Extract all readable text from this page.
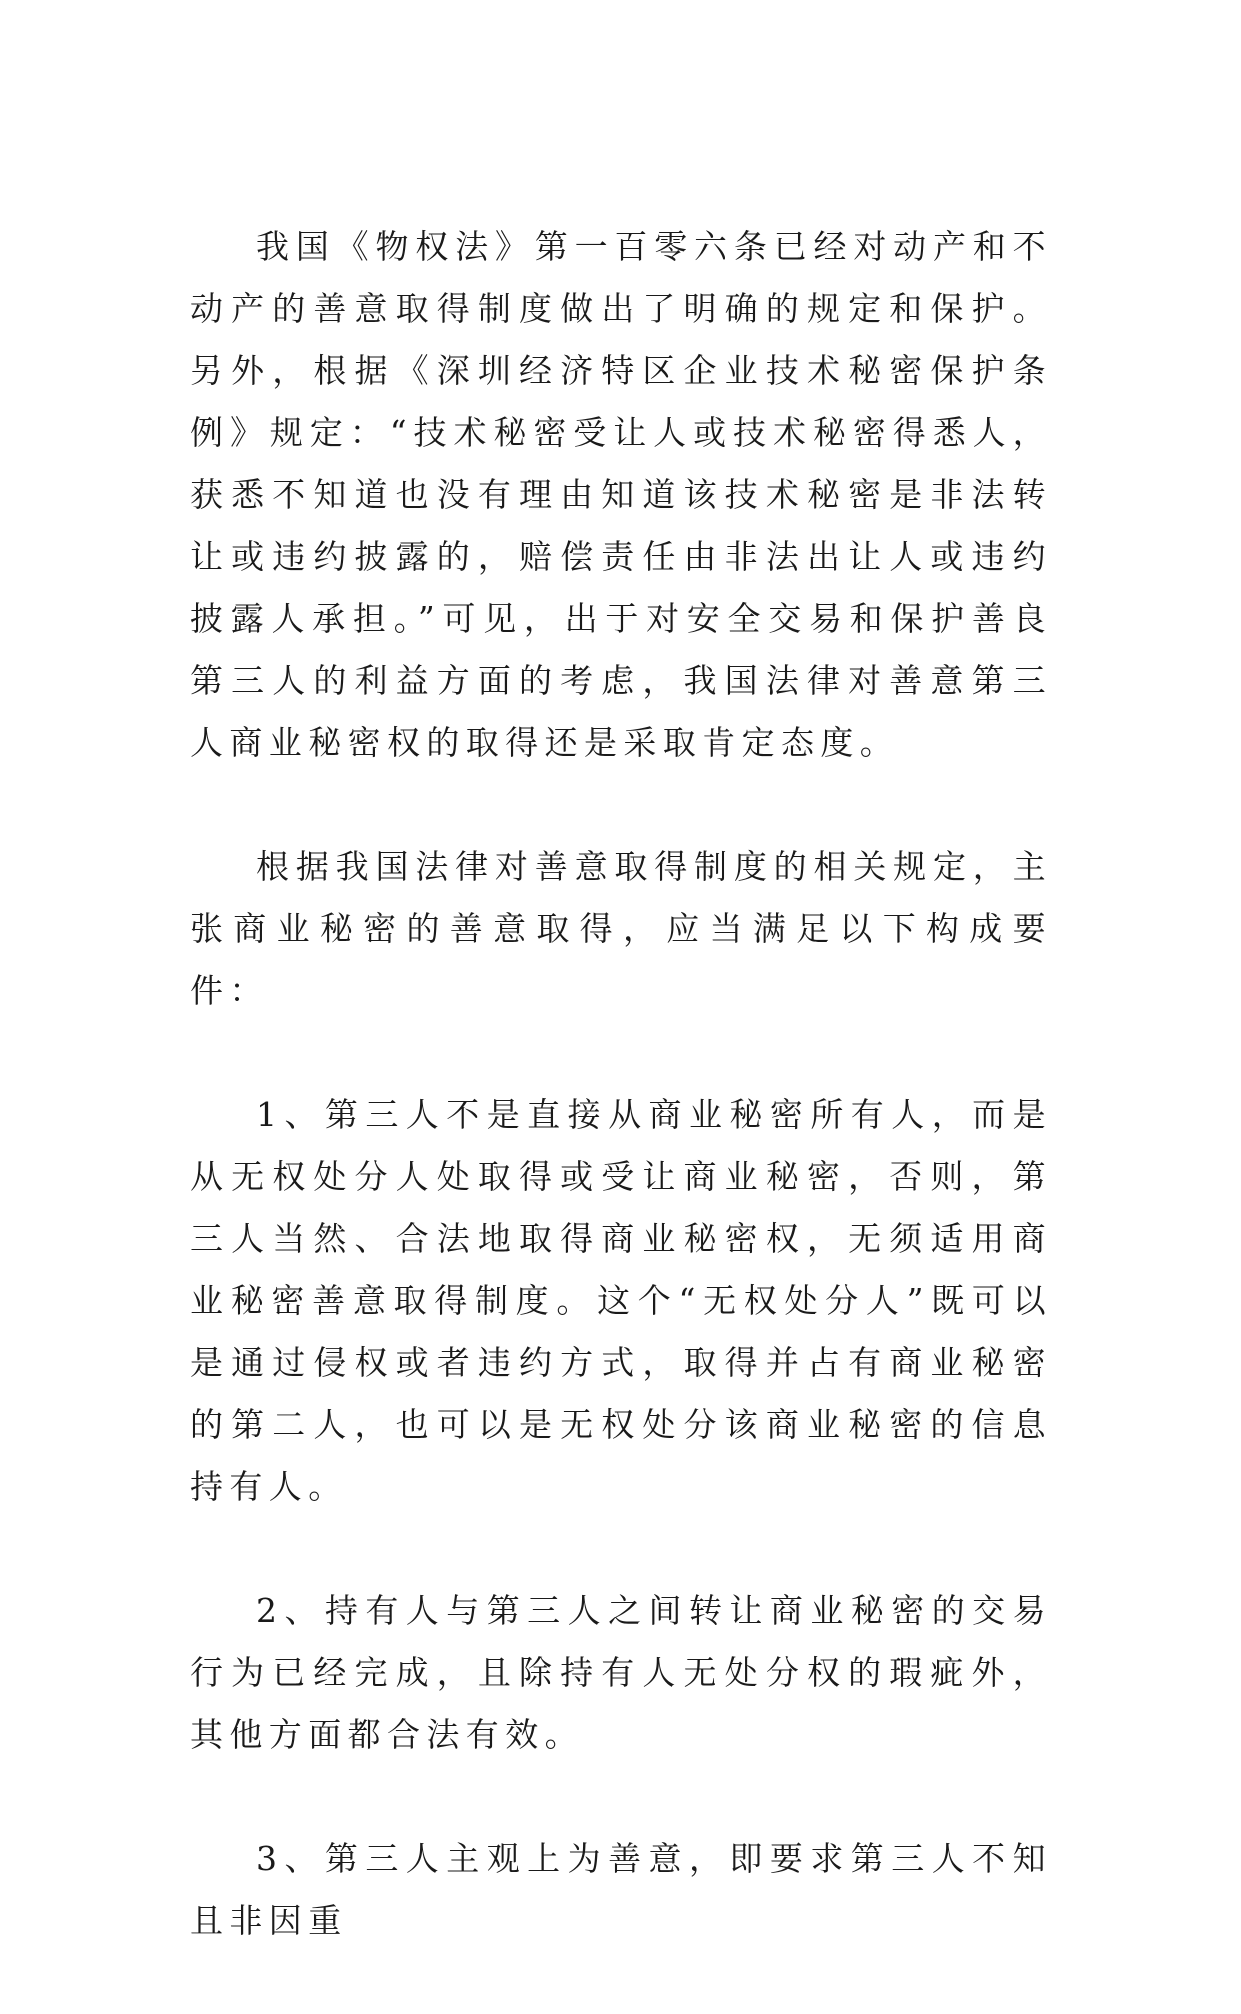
我国《物权法》第一百零六条已经对动产和不动产的善意取得制度做出了明确的规定和保护。另外，根据《深圳经济特区企业技术秘密保护条例》规定：“技术秘密受让人或技术秘密得悉人，获悉不知道也没有理由知道该技术秘密是非法转让或违约披露的，赔偿责任由非法出让人或违约披露人承担。”可见，出于对安全交易和保护善良第三人的利益方面的考虑，我国法律对善意第三人商业秘密权的取得还是采取肯定态度。

根据我国法律对善意取得制度的相关规定，主张商业秘密的善意取得，应当满足以下构成要件：

1、第三人不是直接从商业秘密所有人，而是从无权处分人处取得或受让商业秘密，否则，第三人当然、合法地取得商业秘密权，无须适用商业秘密善意取得制度。这个“无权处分人”既可以是通过侵权或者违约方式，取得并占有商业秘密的第二人，也可以是无权处分该商业秘密的信息持有人。

2、持有人与第三人之间转让商业秘密的交易行为已经完成，且除持有人无处分权的瑕疵外，其他方面都合法有效。

3、第三人主观上为善意，即要求第三人不知且非因重
